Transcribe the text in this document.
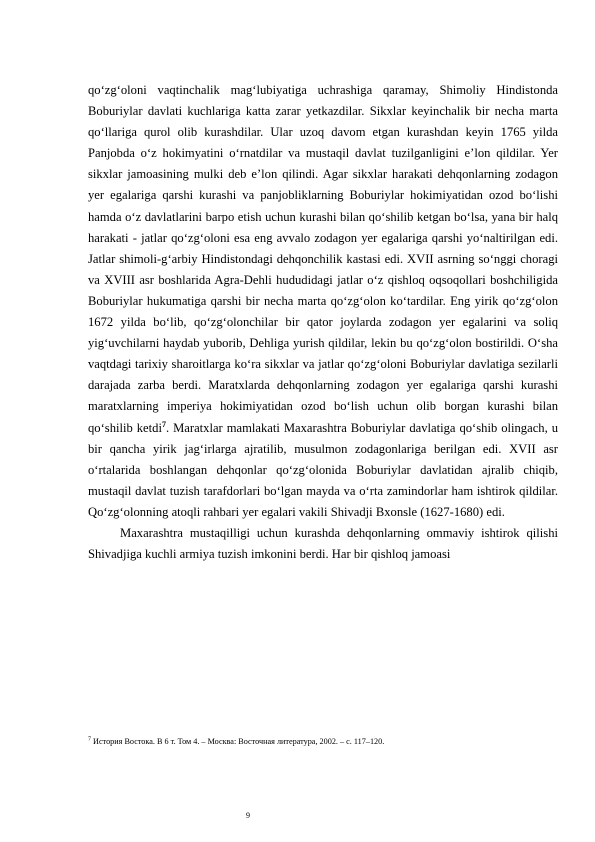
qo‘zg‘oloni vaqtinchalik mag‘lubiyatiga uchrashiga qaramay, Shimoliy Hindistonda Boburiylar davlati kuchlariga katta zarar yetkazdilar. Sikxlar keyinchalik bir necha marta qo‘llariga qurol olib kurashdilar. Ular uzoq davom etgan kurashdan keyin 1765 yilda Panjobda o‘z hokimyatini o‘rnatdilar va mustaqil davlat tuzilganligini e’lon qildilar. Yer sikxlar jamoasining mulki deb e’lon qilindi. Agar sikxlar harakati dehqonlarning zodagon yer egalariga qarshi kurashi va panjobliklarning Boburiylar hokimiyatidan ozod bo‘lishi hamda o‘z davlatlarini barpo etish uchun kurashi bilan qo‘shilib ketgan bo‘lsa, yana bir halq harakati - jatlar qo‘zg‘oloni esa eng avvalo zodagon yer egalariga qarshi yo‘naltirilgan edi. Jatlar shimoli-g‘arbiy Hindistondagi dehqonchilik kastasi edi. XVII asrning so‘nggi choragi va XVIII asr boshlarida Agra-Dehli hududidagi jatlar o‘z qishloq oqsoqollari boshchiligida Boburiylar hukumatiga qarshi bir necha marta qo‘zg‘olon ko‘tardilar. Eng yirik qo‘zg‘olon 1672 yilda bo‘lib, qo‘zg‘olonchilar bir qator joylarda zodagon yer egalarini va soliq yig‘uvchilarni haydab yuborib, Dehliga yurish qildilar, lekin bu qo‘zg‘olon bostirildi. O‘sha vaqtdagi tarixiy sharoitlarga ko‘ra sikxlar va jatlar qo‘zg‘oloni Boburiylar davlatiga sezilarli darajada zarba berdi. Maratxlarda dehqonlarning zodagon yer egalariga qarshi kurashi maratxlarning imperiya hokimiyatidan ozod bo‘lish uchun olib borgan kurashi bilan qo‘shilib ketdi$^7$. Maratxlar mamlakati Maxarashtra Boburiylar davlatiga qo‘shib olingach, u bir qancha yirik jag‘irlarga ajratilib, musulmon zodagonlariga berilgan edi. XVII asr o‘rtalarida boshlangan dehqonlar qo‘zg‘olonida Boburiylar davlatidan ajralib chiqib, mustaqil davlat tuzish tarafdorlari bo‘lgan mayda va o‘rta zamindorlar ham ishtirok qildilar. Qo‘zg‘olonning atoqli rahbari yer egalari vakili Shivadji Bxonsle (1627-1680) edi.

Maxarashtra mustaqilligi uchun kurashda dehqonlarning ommaviy ishtirok qilishi Shivadjiga kuchli armiya tuzish imkonini berdi. Har bir qishloq jamoasi

$^7$ История Востока. В 6 т. Том 4. – Москва: Восточная литература, 2002. – с. 117–120.
9
